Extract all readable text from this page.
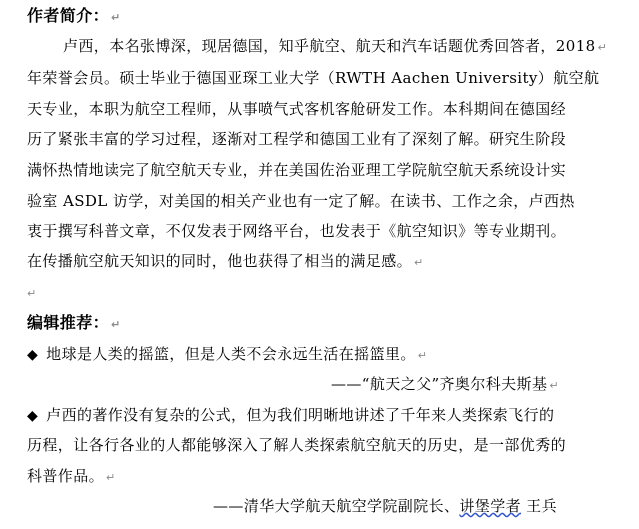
作者简介： ↵
卢西，本名张博深，现居德国，知乎航空、航天和汽车话题优秀回答者，2018 ↵
年荣誉会员。硕士毕业于德国亚琛工业大学（RWTH Aachen University）航空航
天专业，本职为航空工程师，从事喷气式客机客舱研发工作。本科期间在德国经
历了紧张丰富的学习过程，逐渐对工程学和德国工业有了深刻了解。研究生阶段
满怀热情地读完了航空航天专业，并在美国佐治亚理工学院航空航天系统设计实
验室 ASDL 访学，对美国的相关产业也有一定了解。在读书、工作之余，卢西热
衷于撰写科普文章，不仅发表于网络平台，也发表于《航空知识》等专业期刊。
在传播航空航天知识的同时，他也获得了相当的满足感。 ↵
↵
编辑推荐： ↵
◆ 地球是人类的摇篮，但是人类不会永远生活在摇篮里。 ↵
——“航天之父”齐奥尔科夫斯基 ↵
◆ 卢西的著作没有复杂的公式，但为我们明晰地讲述了千年来人类探索飞行的
历程，让各行各业的人都能够深入了解人类探索航空航天的历史，是一部优秀的
科普作品。 ↵
——清华大学航天航空学院副院长、讲堡学者 王兵
